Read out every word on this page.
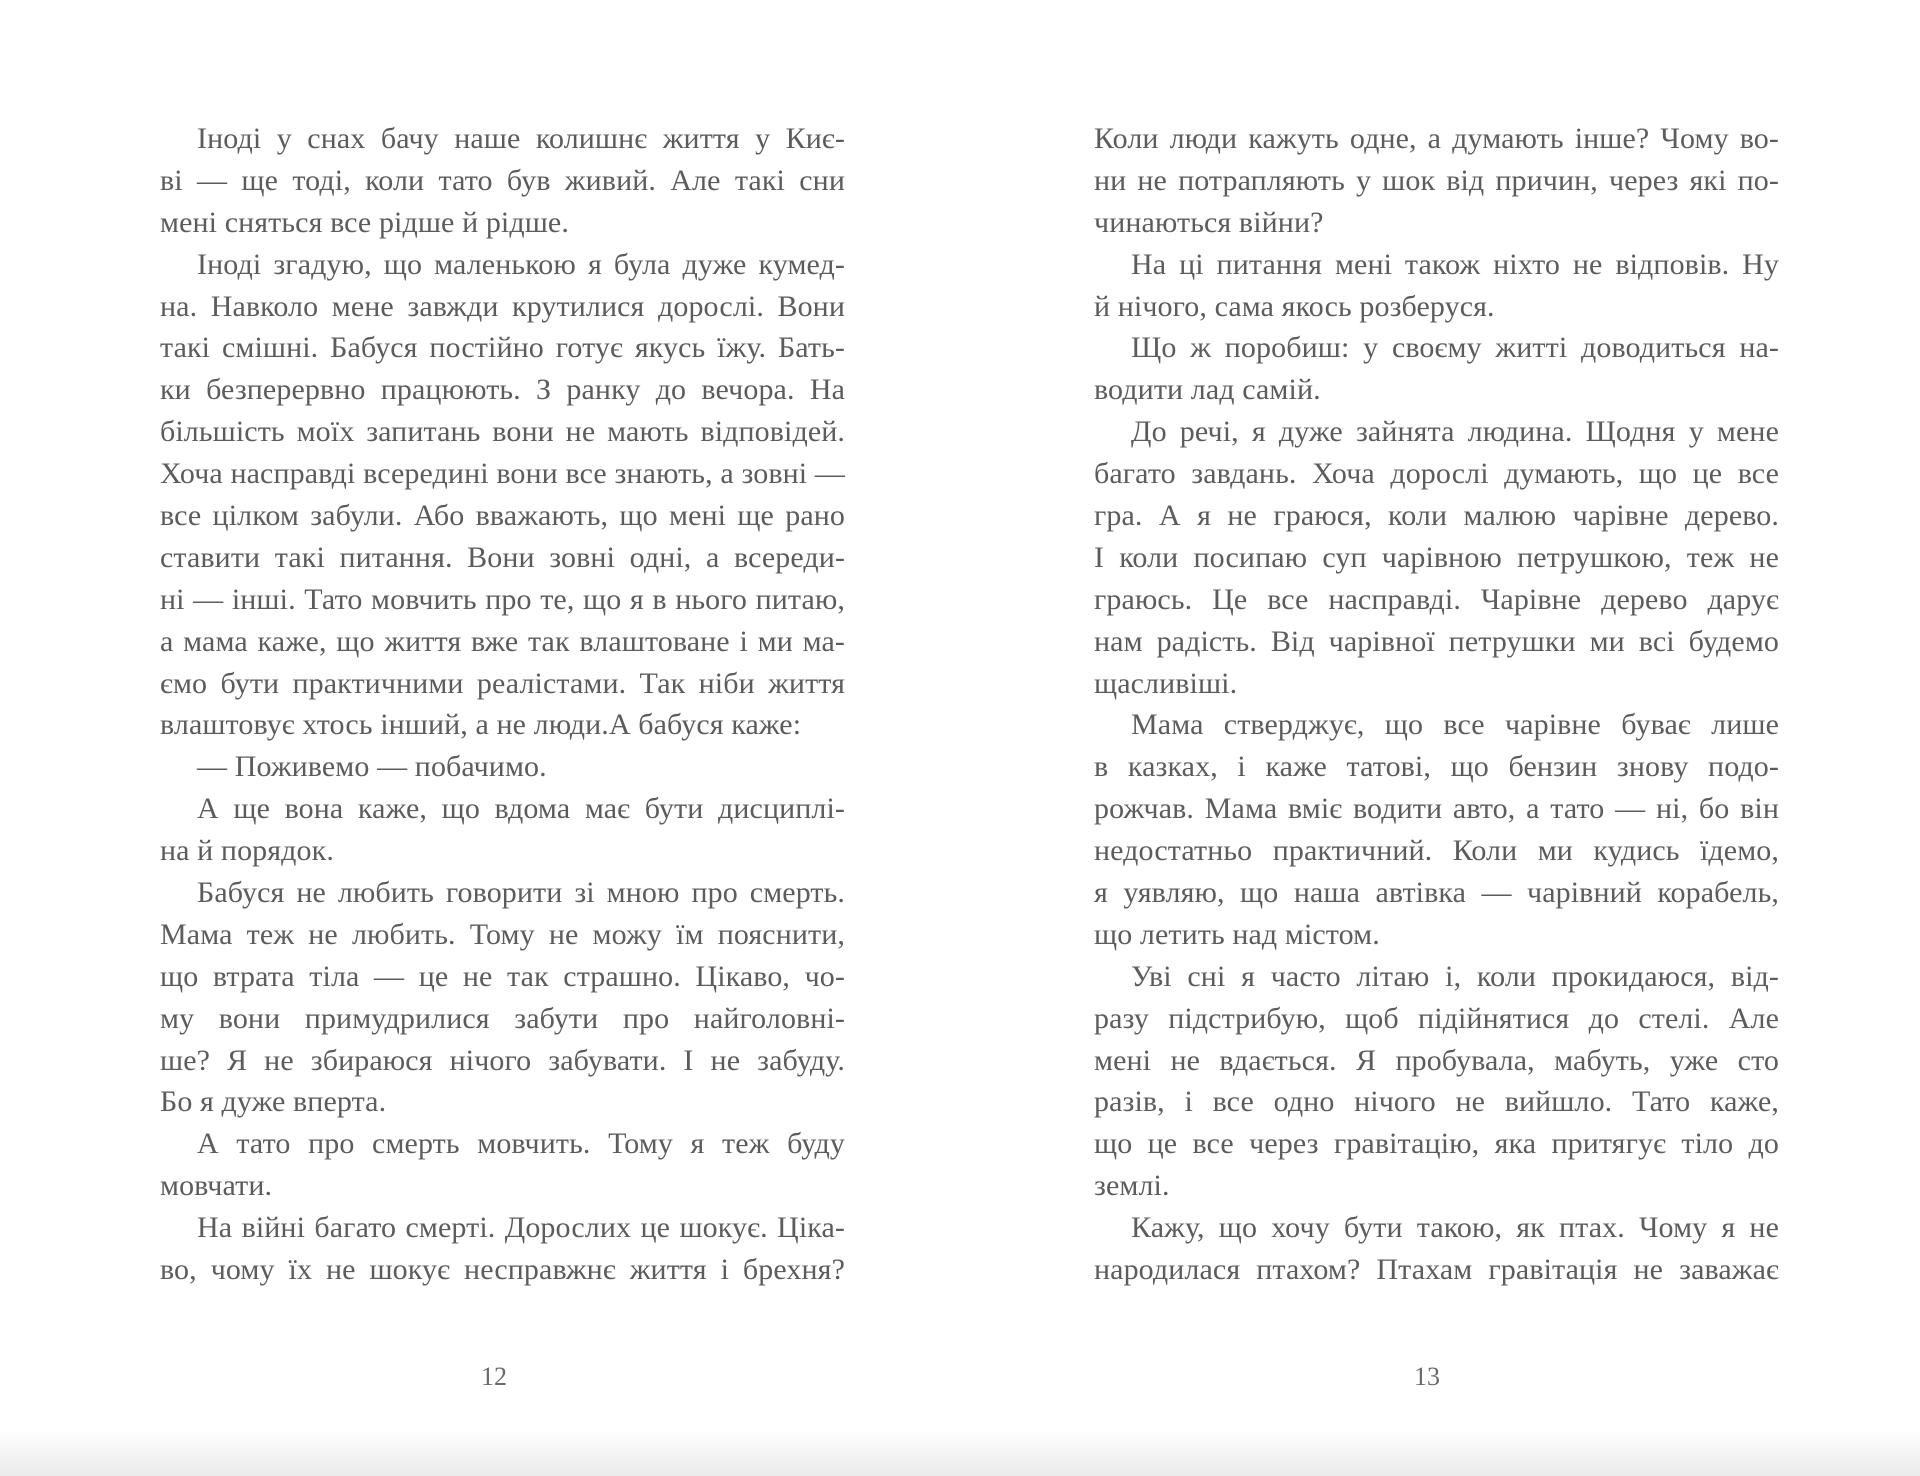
Іноді у снах бачу наше колишнє життя у Киє-
ві — ще тоді, коли тато був живий. Але такі сни
мені сняться все рідше й рідше.
Іноді згадую, що маленькою я була дуже кумед-
на. Навколо мене завжди крутилися дорослі. Вони
такі смішні. Бабуся постійно готує якусь їжу. Бать-
ки безперервно працюють. З ранку до вечора. На
більшість моїх запитань вони не мають відповідей.
Хоча насправді всередині вони все знають, а зовні —
все цілком забули. Або вважають, що мені ще рано
ставити такі питання. Вони зовні одні, а всереди-
ні — інші. Тато мовчить про те, що я в нього питаю,
а мама каже, що життя вже так влаштоване і ми ма-
ємо бути практичними реалістами. Так ніби життя
влаштовує хтось інший, а не люди.А бабуся каже:
— Поживемо — побачимо.
А ще вона каже, що вдома має бути дисциплі-
на й порядок.
Бабуся не любить говорити зі мною про смерть.
Мама теж не любить. Тому не можу їм пояснити,
що втрата тіла — це не так страшно. Цікаво, чо-
му вони примудрилися забути про найголовні-
ше? Я не збираюся нічого забувати. І не забуду.
Бо я дуже вперта.
А тато про смерть мовчить. Тому я теж буду
мовчати.
На війні багато смерті. Дорослих це шокує. Ціка-
во, чому їх не шокує несправжнє життя і брехня?
Коли люди кажуть одне, а думають інше? Чому во-
ни не потрапляють у шок від причин, через які по-
чинаються війни?
На ці питання мені також ніхто не відповів. Ну
й нічого, сама якось розберуся.
Що ж поробиш: у своєму житті доводиться на-
водити лад самій.
До речі, я дуже зайнята людина. Щодня у мене
багато завдань. Хоча дорослі думають, що це все
гра. А я не граюся, коли малюю чарівне дерево.
І коли посипаю суп чарівною петрушкою, теж не
граюсь. Це все насправді. Чарівне дерево дарує
нам радість. Від чарівної петрушки ми всі будемо
щасливіші.
Мама стверджує, що все чарівне буває лише
в казках, і каже татові, що бензин знову подо-
рожчав. Мама вміє водити авто, а тато — ні, бо він
недостатньо практичний. Коли ми кудись їдемо,
я уявляю, що наша автівка — чарівний корабель,
що летить над містом.
Уві сні я часто літаю і, коли прокидаюся, від-
разу підстрибую, щоб підійнятися до стелі. Але
мені не вдається. Я пробувала, мабуть, уже сто
разів, і все одно нічого не вийшло. Тато каже,
що це все через гравітацію, яка притягує тіло до
землі.
Кажу, що хочу бути такою, як птах. Чому я не
народилася птахом? Птахам гравітація не заважає
12	13
